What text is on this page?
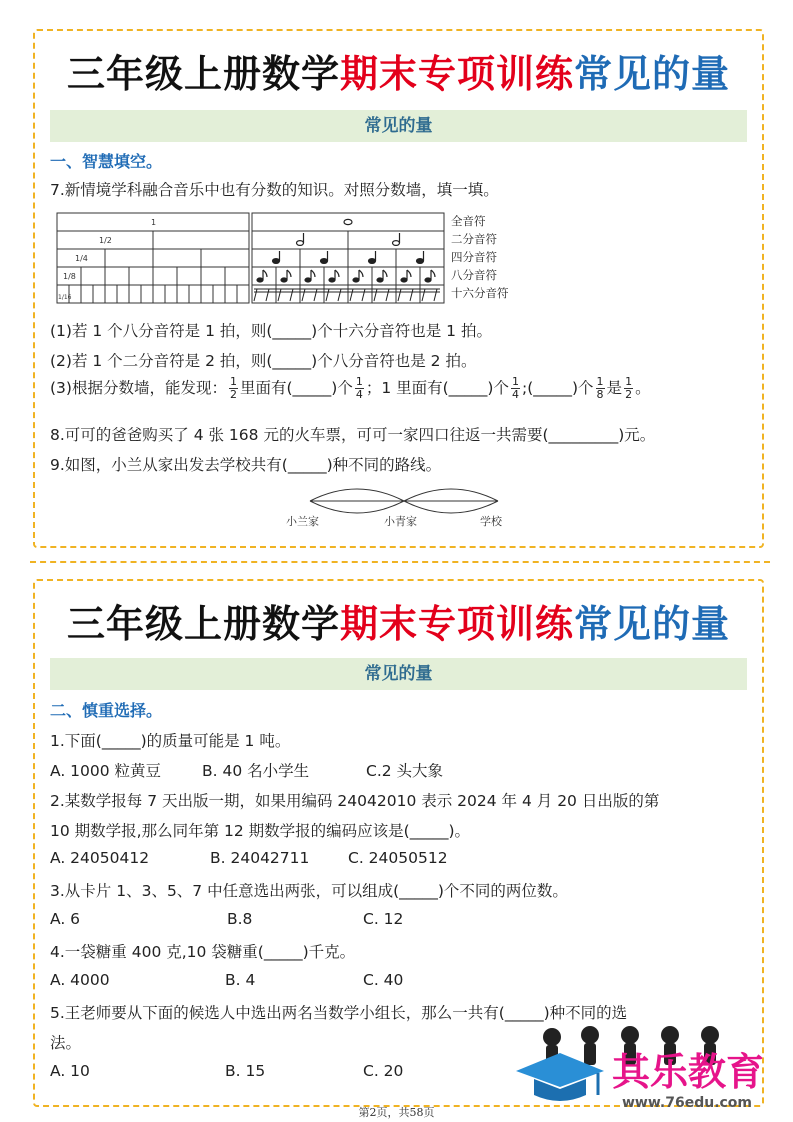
三年级上册数学期末专项训练常见的量
常见的量
一、智慧填空。
7.新情境学科融合音乐中也有分数的知识。对照分数墙，填一填。
1
1/2
1/4
1/8
1/16
全音符
二分音符
四分音符
八分音符
十六分音符
(1)若 1 个八分音符是 1 拍，则(_____)个十六分音符也是 1 拍。
(2)若 1 个二分音符是 2 拍，则(_____)个八分音符也是 2 拍。
(3)根据分数墙，能发现： $\frac{1}{2}$ 里面有(_____)个 $\frac{1}{4}$ ；1 里面有(_____)个 $\frac{1}{4}$ ;(_____)个 $\frac{1}{8}$ 是 $\frac{1}{2}$ 。
8.可可的爸爸购买了 4 张 168 元的火车票，可可一家四口往返一共需要(_________)元。
9.如图，小兰从家出发去学校共有(_____)种不同的路线。
小兰家	小青家	学校
三年级上册数学期末专项训练常见的量
常见的量
二、慎重选择。
1.下面(_____)的质量可能是 1 吨。
A. 1000 粒黄豆	B. 40 名小学生	C.2 头大象
2.某数学报每 7 天出版一期，如果用编码 24042010 表示 2024 年 4 月 20 日出版的第
10 期数学报,那么同年第 12 期数学报的编码应该是(_____)。
A. 24050412	B. 24042711 C. 24050512
3.从卡片 1、3、5、7 中任意选出两张，可以组成(_____)个不同的两位数。
A. 6	B.8	C. 12
4.一袋糖重 400 克,10 袋糖重(_____)千克。
A. 4000	B. 4	C. 40
5.王老师要从下面的候选人中选出两名当数学小组长，那么一共有(_____)种不同的选
法。
A. 10	B. 15	C. 20	其乐教育
www.76edu.com
第2页，共58页
